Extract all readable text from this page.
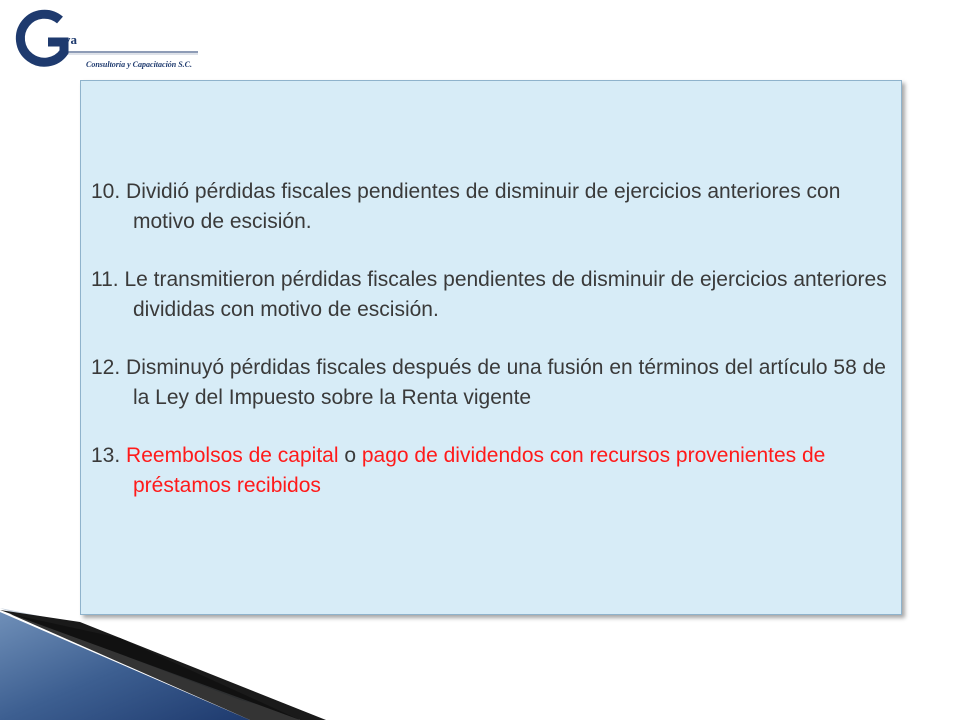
ya
Consultoría y Capacitación S.C.

10. Dividió pérdidas fiscales pendientes de disminuir de ejercicios anteriores con motivo de escisión.

11. Le transmitieron pérdidas fiscales pendientes de disminuir de ejercicios anteriores divididas con motivo de escisión.

12. Disminuyó pérdidas fiscales después de una fusión en términos del artículo 58 de la Ley del Impuesto sobre la Renta vigente

13. Reembolsos de capital o pago de dividendos con recursos provenientes de préstamos recibidos
